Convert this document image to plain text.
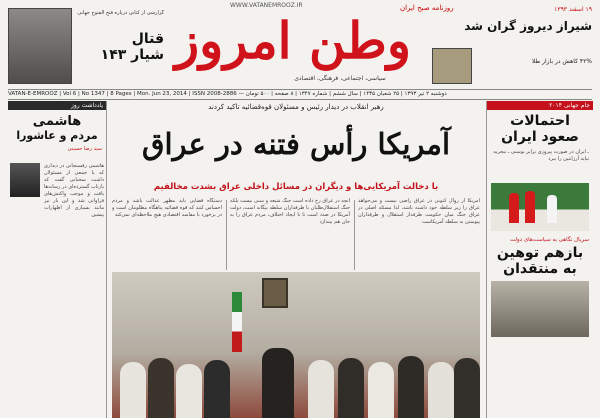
WWW.VATANEMROOZ.IR	روزنامه صبح ایران
وطن امروز
سیاسی، اجتماعی، فرهنگی، اقتصادی
گزارشی از کتابی درباره فتح الفتوح جهانی
قتال
شیار ۱۴۳
۱۹ اسفند ۱۳۹۳
شیراز دیروز گران شد
۴۲% کاهش در بازار طلا
VATAN-E-EMROOZ | Vol 6 | No 1347 | 8 Pages | Mon. Jun 23, 2014 | ISSN 2008-2886 — دوشنبه ۲ تیر ۱۳۹۳ | ۲۵ شعبان ۱۴۳۵ | سال ششم | شماره ۱۳۴۷ | ۸ صفحه | ۵۰۰ تومان
یادداشت روز
هاشمی
مردم و عاشورا
سید رضا حسینی
هاشمی رفسنجانی در دیداری که با جمعی از مسئولان داشت سخنانی گفت که بازتاب گسترده‌ای در رسانه‌ها یافت و موجب واکنش‌های فراوانی شد و این بار نیز مانند بسیاری از اظهارات پیشین
رهبر انقلاب در دیدار رئیس و مسئولان قوه‌قضائیه تاکید کردند
آمریکا رأس فتنه در عراق
با دخالت آمریکایی‌ها و دیگران در مسائل داخلی عراق بشدت مخالفیم
دستگاه قضایی باید مظهر عدالت باشد و مردم احساس کنند که قوه قضائیه پناهگاه مظلومان است و در برخورد با مفاسد اقتصادی هیچ ملاحظه‌ای نمی‌کند
آنچه در عراق رخ داده است جنگ شیعه و سنی نیست بلکه جنگ استقلال‌طلبان با طرفداران سلطه بیگانه است، دولت آمریکا در صدد است تا با ایجاد اختلاف، مردم عراق را به جان هم بیندازد
آمریکا از روال کنونی در عراق راضی نیست و می‌خواهد عراق را زیر سلطه خود داشته باشد، لذا مسئله اصلی در عراق جنگ میان حکومت طرفدار استقلال و طرفداران پیوستن به سلطه آمریکاست
جام جهانی ۲۰۱۴
احتمالات
صعود ایران
ـ ایران در صورت پیروزی برابر بوسنی ـ نیجریه نباید آرژانتین را ببرد
سریال نگاهی به سیاست‌های دولت
بازهم توهین
به منتقدان
